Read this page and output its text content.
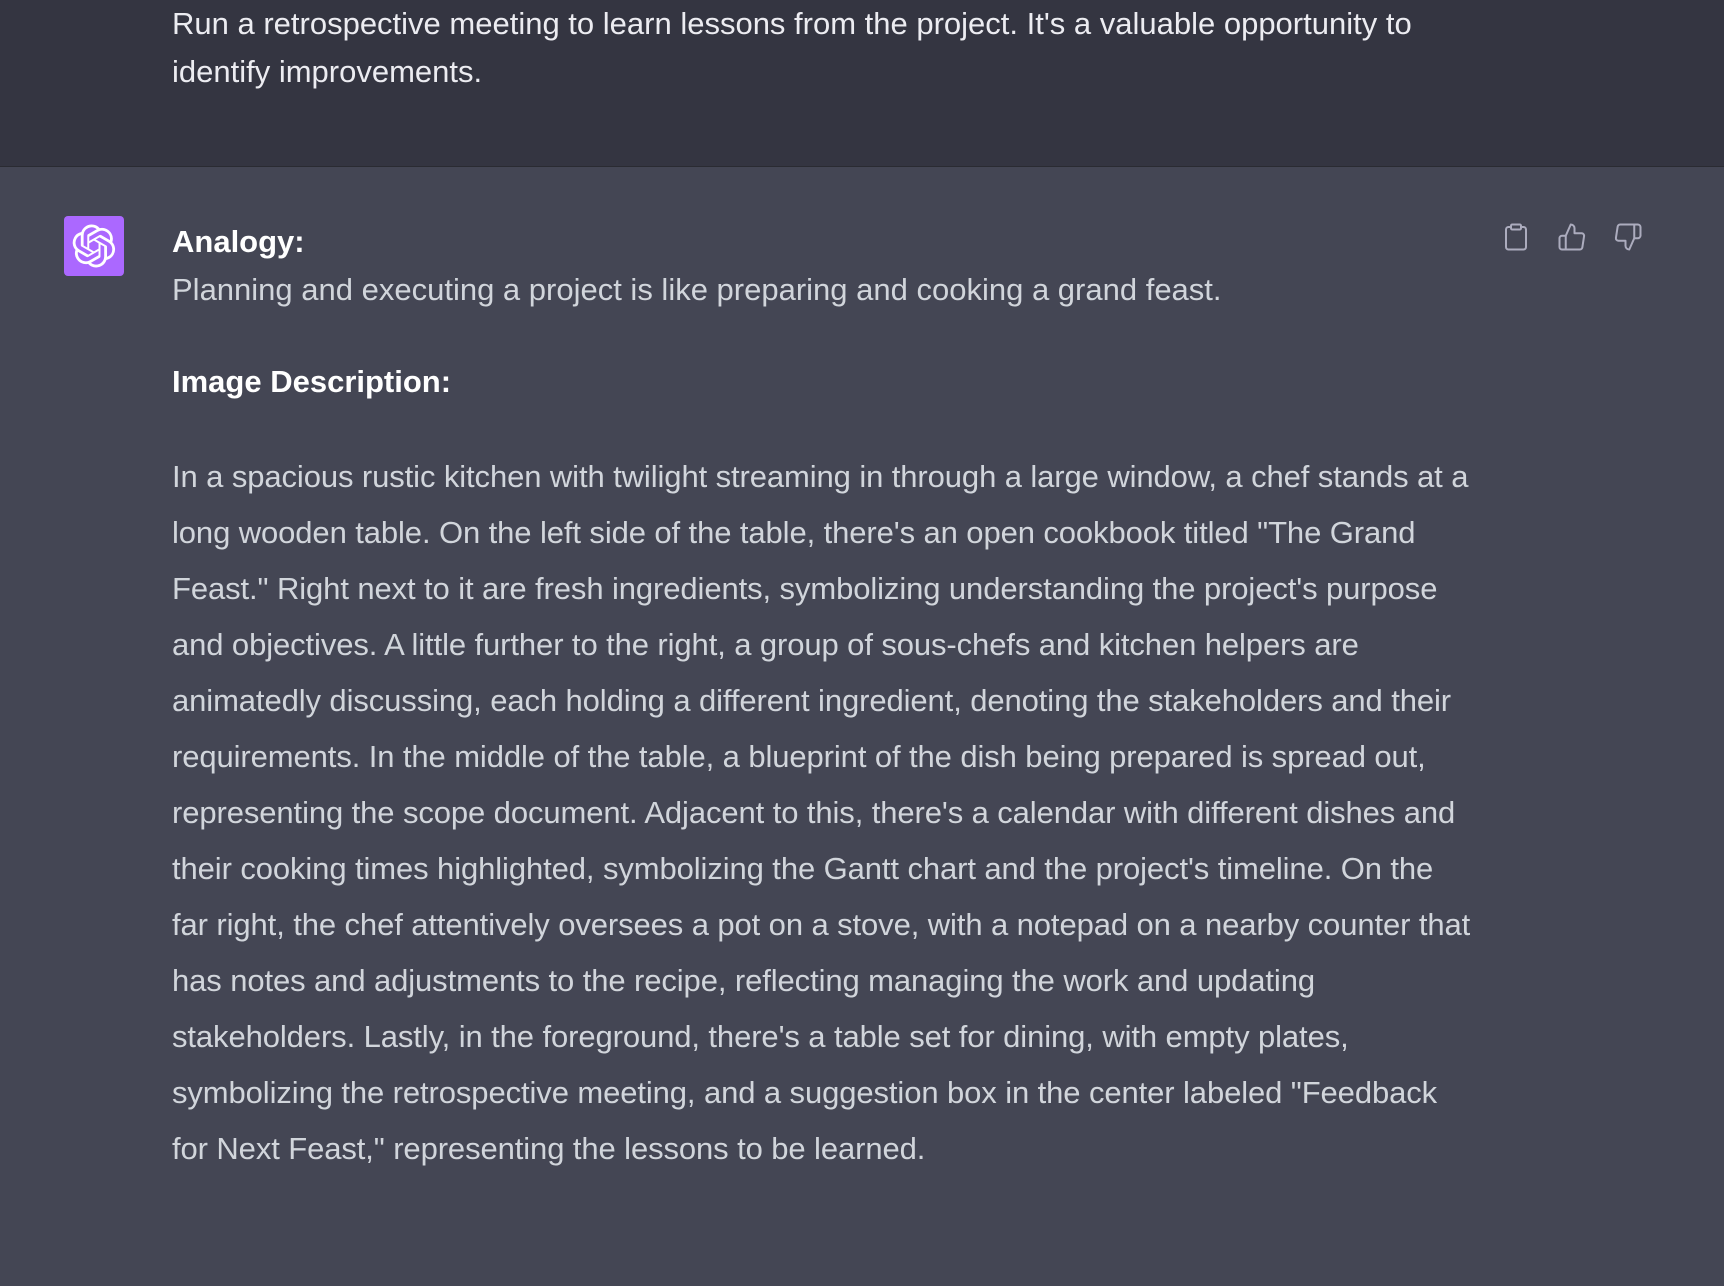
Run a retrospective meeting to learn lessons from the project. It's a valuable opportunity to identify improvements.

Analogy:

Planning and executing a project is like preparing and cooking a grand feast.

Image Description:

In a spacious rustic kitchen with twilight streaming in through a large window, a chef stands at a long wooden table. On the left side of the table, there's an open cookbook titled "The Grand Feast." Right next to it are fresh ingredients, symbolizing understanding the project's purpose and objectives. A little further to the right, a group of sous-chefs and kitchen helpers are animatedly discussing, each holding a different ingredient, denoting the stakeholders and their requirements. In the middle of the table, a blueprint of the dish being prepared is spread out, representing the scope document. Adjacent to this, there's a calendar with different dishes and their cooking times highlighted, symbolizing the Gantt chart and the project's timeline. On the far right, the chef attentively oversees a pot on a stove, with a notepad on a nearby counter that has notes and adjustments to the recipe, reflecting managing the work and updating stakeholders. Lastly, in the foreground, there's a table set for dining, with empty plates, symbolizing the retrospective meeting, and a suggestion box in the center labeled "Feedback for Next Feast," representing the lessons to be learned.
